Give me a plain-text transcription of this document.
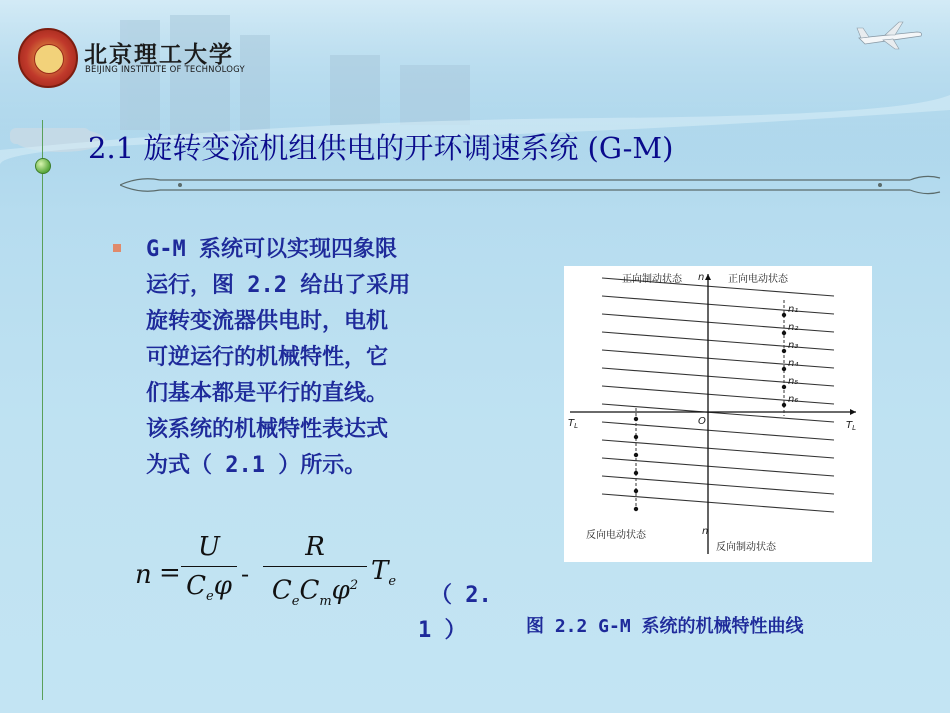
北京理工大学
BEIJING INSTITUTE OF TECHNOLOGY
2.1 旋转变流机组供电的开环调速系统 (G-M)
G-M 系统可以实现四象限
运行，图 2.2 给出了采用
旋转变流器供电时，电机
可逆运行的机械特性，它
们基本都是平行的直线。
该系统的机械特性表达式
为式（ 2.1 ）所示。
n =
U
$C_e\varphi$ -
R
$C_eC_m\varphi^2$ $T_e$
（ 2.
1 ）
正向制动状态	正向电动状态
反向电动状态
反向制动状态
n
n
O
$T_L$	$T_L$
n₁
n₂
n₃
n₄
n₅
n₆
图 2.2 G-M 系统的机械特性曲线
